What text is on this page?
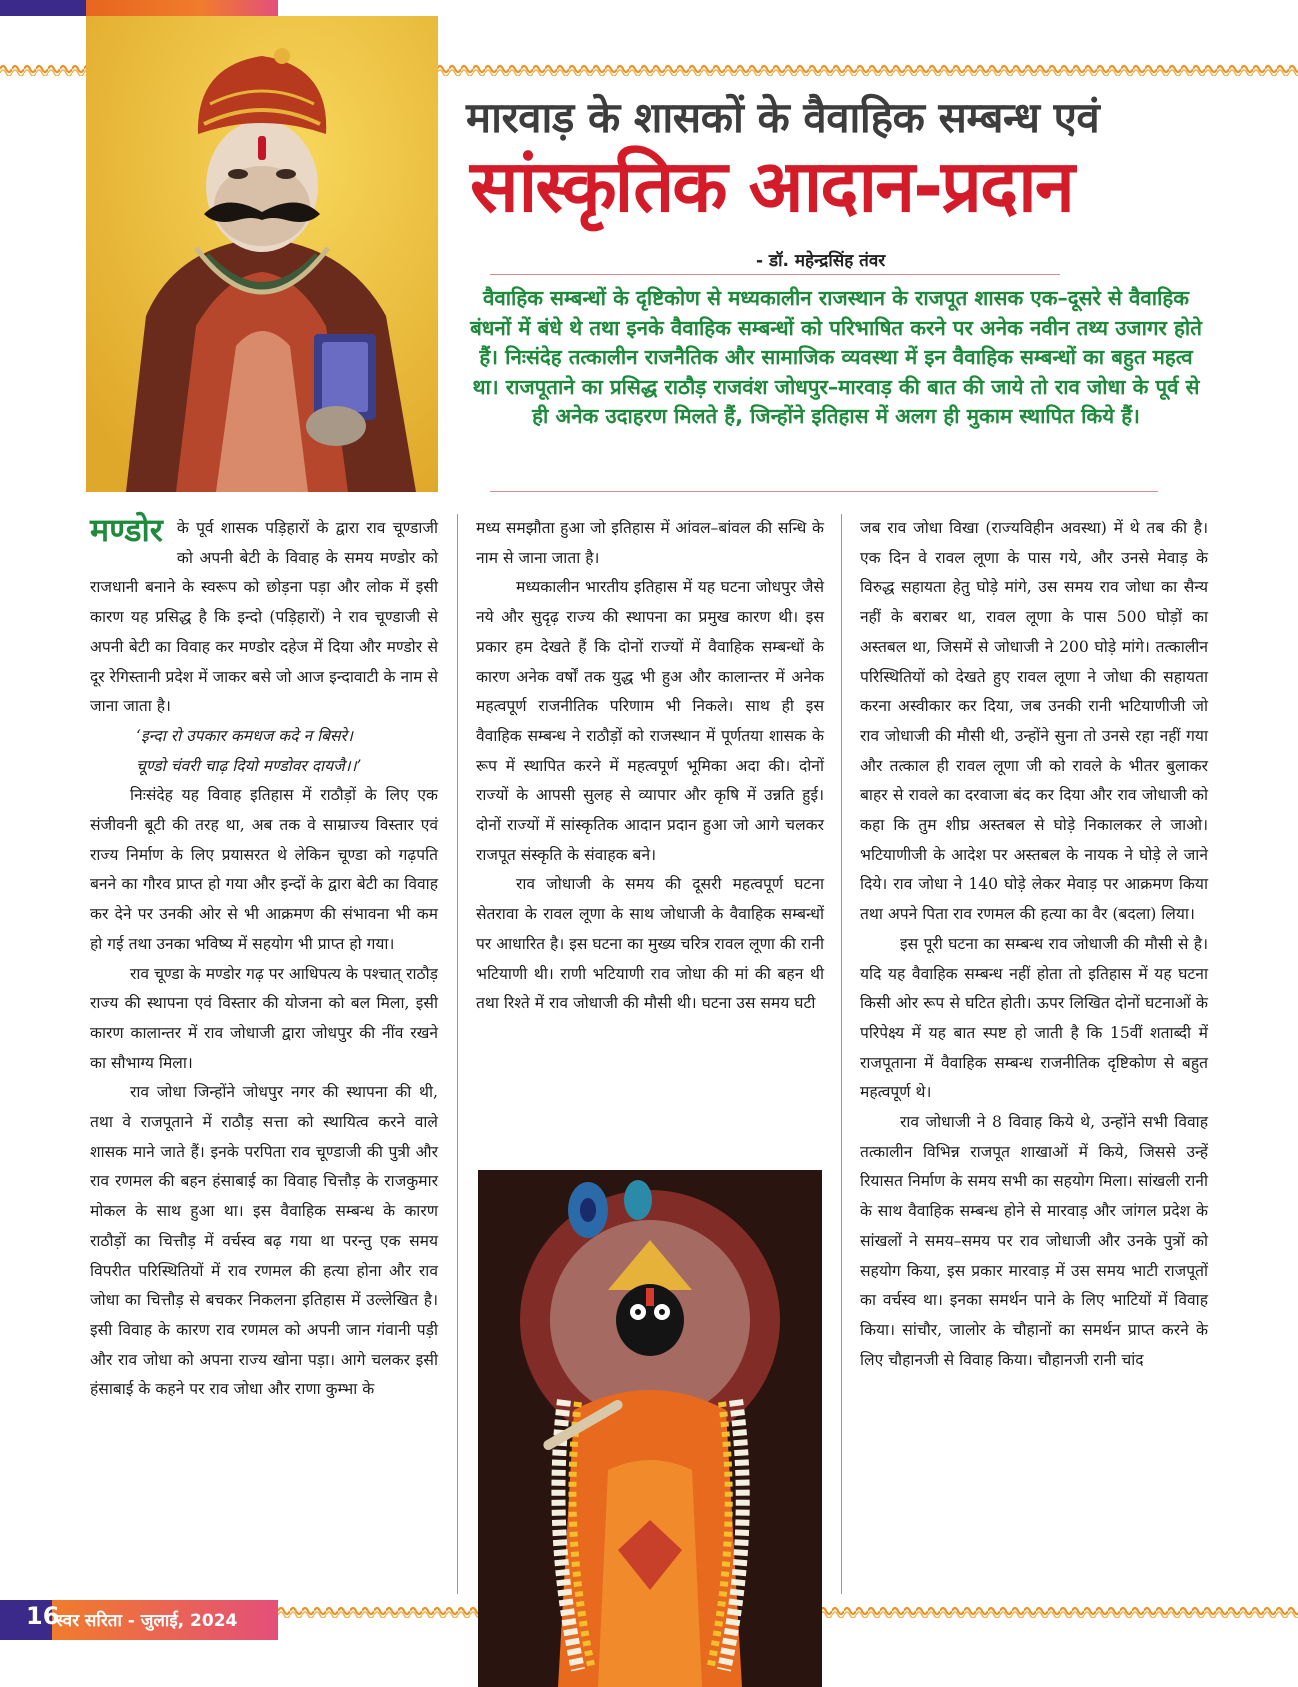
मारवाड़ के शासकों के वैवाहिक सम्बन्ध एवं
सांस्कृतिक आदान-प्रदान
- डॉ. महेन्द्रसिंह तंवर
वैवाहिक सम्बन्धों के दृष्टिकोण से मध्यकालीन राजस्थान के राजपूत शासक एक–दूसरे से वैवाहिक बंधनों में बंधे थे तथा इनके वैवाहिक सम्बन्धों को परिभाषित करने पर अनेक नवीन तथ्य उजागर होते हैं। निःसंदेह तत्कालीन राजनैतिक और सामाजिक व्यवस्था में इन वैवाहिक सम्बन्धों का बहुत महत्व था। राजपूताने का प्रसिद्ध राठौड़ राजवंश जोधपुर–मारवाड़ की बात की जाये तो राव जोधा के पूर्व से ही अनेक उदाहरण मिलते हैं, जिन्होंने इतिहास में अलग ही मुकाम स्थापित किये हैं।
मण्डोर के पूर्व शासक पड़िहारों के द्वारा राव चूण्डाजी को अपनी बेटी के विवाह के समय मण्डोर को राजधानी बनाने के स्वरूप को छोड़ना पड़ा और लोक में इसी कारण यह प्रसिद्ध है कि इन्दो (पड़िहारों) ने राव चूण्डाजी से अपनी बेटी का विवाह कर मण्डोर दहेज में दिया और मण्डोर से दूर रेगिस्तानी प्रदेश में जाकर बसे जो आज इन्दावाटी के नाम से जाना जाता है।

‘इन्दा रो उपकार कमधज कदे न बिसरे।

चूण्डो चंवरी चाढ़ दियो मण्डोवर दायजै।।’

निःसंदेह यह विवाह इतिहास में राठौड़ों के लिए एक संजीवनी बूटी की तरह था, अब तक वे साम्राज्य विस्तार एवं राज्य निर्माण के लिए प्रयासरत थे लेकिन चूण्डा को गढ़पति बनने का गौरव प्राप्त हो गया और इन्दों के द्वारा बेटी का विवाह कर देने पर उनकी ओर से भी आक्रमण की संभावना भी कम हो गई तथा उनका भविष्य में सहयोग भी प्राप्त हो गया।

राव चूण्डा के मण्डोर गढ़ पर आधिपत्य के पश्चात् राठौड़ राज्य की स्थापना एवं विस्तार की योजना को बल मिला, इसी कारण कालान्तर में राव जोधाजी द्वारा जोधपुर की नींव रखने का सौभाग्य मिला।

राव जोधा जिन्होंने जोधपुर नगर की स्थापना की थी, तथा वे राजपूताने में राठौड़ सत्ता को स्थायित्व करने वाले शासक माने जाते हैं। इनके परपिता राव चूण्डाजी की पुत्री और राव रणमल की बहन हंसाबाई का विवाह चित्तौड़ के राजकुमार मोकल के साथ हुआ था। इस वैवाहिक सम्बन्ध के कारण राठौड़ों का चित्तौड़ में वर्चस्व बढ़ गया था परन्तु एक समय विपरीत परिस्थितियों में राव रणमल की हत्या होना और राव जोधा का चित्तौड़ से बचकर निकलना इतिहास में उल्लेखित है। इसी विवाह के कारण राव रणमल को अपनी जान गंवानी पड़ी और राव जोधा को अपना राज्य खोना पड़ा। आगे चलकर इसी हंसाबाई के कहने पर राव जोधा और राणा कुम्भा के

मध्य समझौता हुआ जो इतिहास में आंवल–बांवल की सन्धि के नाम से जाना जाता है।

मध्यकालीन भारतीय इतिहास में यह घटना जोधपुर जैसे नये और सुदृढ़ राज्य की स्थापना का प्रमुख कारण थी। इस प्रकार हम देखते हैं कि दोनों राज्यों में वैवाहिक सम्बन्धों के कारण अनेक वर्षों तक युद्ध भी हुअ और कालान्तर में अनेक महत्वपूर्ण राजनीतिक परिणाम भी निकले। साथ ही इस वैवाहिक सम्बन्ध ने राठौड़ों को राजस्थान में पूर्णतया शासक के रूप में स्थापित करने में महत्वपूर्ण भूमिका अदा की। दोनों राज्यों के आपसी सुलह से व्यापार और कृषि में उन्नति हुई। दोनों राज्यों में सांस्कृतिक आदान प्रदान हुआ जो आगे चलकर राजपूत संस्कृति के संवाहक बने।

राव जोधाजी के समय की दूसरी महत्वपूर्ण घटना सेतरावा के रावल लूणा के साथ जोधाजी के वैवाहिक सम्बन्धों पर आधारित है। इस घटना का मुख्य चरित्र रावल लूणा की रानी भटियाणी थी। राणी भटियाणी राव जोधा की मां की बहन थी तथा रिश्ते में राव जोधाजी की मौसी थी। घटना उस समय घटी

जब राव जोधा विखा (राज्यविहीन अवस्था) में थे तब की है। एक दिन वे रावल लूणा के पास गये, और उनसे मेवाड़ के विरुद्ध सहायता हेतु घोड़े मांगे, उस समय राव जोधा का सैन्य नहीं के बराबर था, रावल लूणा के पास 500 घोड़ों का अस्तबल था, जिसमें से जोधाजी ने 200 घोड़े मांगे। तत्कालीन परिस्थितियों को देखते हुए रावल लूणा ने जोधा की सहायता करना अस्वीकार कर दिया, जब उनकी रानी भटियाणीजी जो राव जोधाजी की मौसी थी, उन्होंने सुना तो उनसे रहा नहीं गया और तत्काल ही रावल लूणा जी को रावले के भीतर बुलाकर बाहर से रावले का दरवाजा बंद कर दिया और राव जोधाजी को कहा कि तुम शीघ्र अस्तबल से घोड़े निकालकर ले जाओ। भटियाणीजी के आदेश पर अस्तबल के नायक ने घोड़े ले जाने दिये। राव जोधा ने 140 घोड़े लेकर मेवाड़ पर आक्रमण किया तथा अपने पिता राव रणमल की हत्या का वैर (बदला) लिया।

इस पूरी घटना का सम्बन्ध राव जोधाजी की मौसी से है। यदि यह वैवाहिक सम्बन्ध नहीं होता तो इतिहास में यह घटना किसी ओर रूप से घटित होती। ऊपर लिखित दोनों घटनाओं के परिपेक्ष्य में यह बात स्पष्ट हो जाती है कि 15वीं शताब्दी में राजपूताना में वैवाहिक सम्बन्ध राजनीतिक दृष्टिकोण से बहुत महत्वपूर्ण थे।

राव जोधाजी ने 8 विवाह किये थे, उन्होंने सभी विवाह तत्कालीन विभिन्न राजपूत शाखाओं में किये, जिससे उन्हें रियासत निर्माण के समय सभी का सहयोग मिला। सांखली रानी के साथ वैवाहिक सम्बन्ध होने से मारवाड़ और जांगल प्रदेश के सांखलों ने समय–समय पर राव जोधाजी और उनके पुत्रों को सहयोग किया, इस प्रकार मारवाड़ में उस समय भाटी राजपूतों का वर्चस्व था। इनका समर्थन पाने के लिए भाटियों में विवाह किया। सांचौर, जालोर के चौहानों का समर्थन प्राप्त करने के लिए चौहानजी से विवाह किया। चौहानजी रानी चांद

16
स्वर सरिता - जुलाई, 2024
